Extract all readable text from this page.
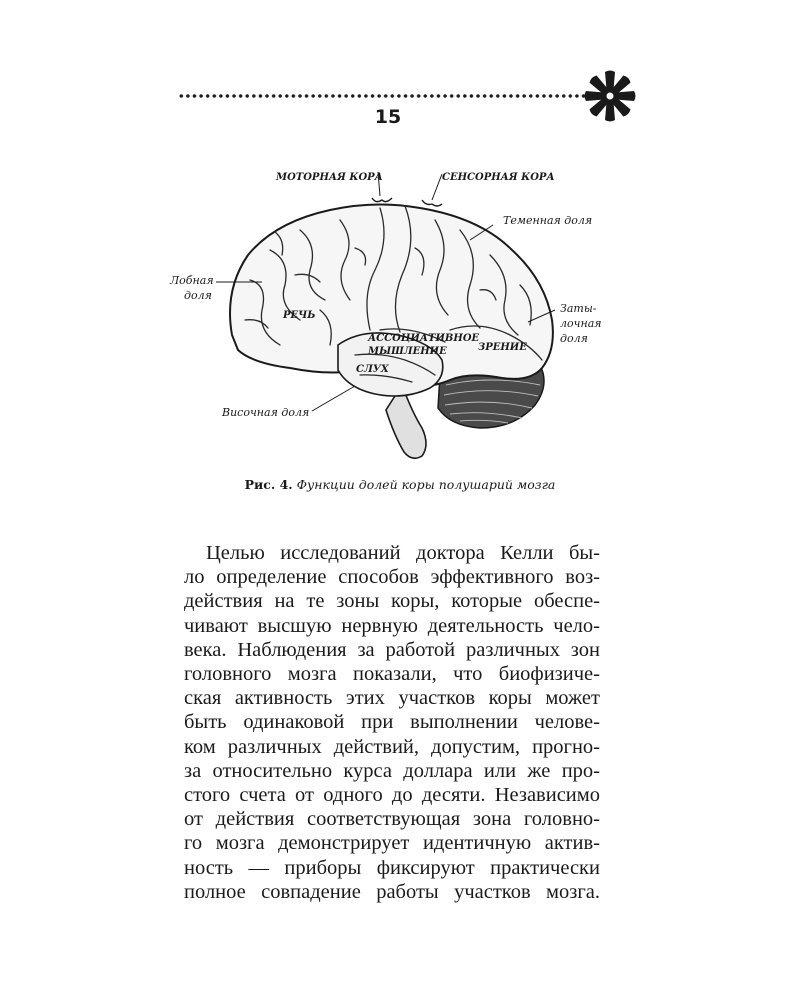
15
МОТОРНАЯ КОРА	СЕНСОРНАЯ КОРА
Теменная доля
Лобная
доля
РЕЧЬ
АССОЦИАТИВНОЕ
МЫШЛЕНИЕ	ЗРЕНИЕ
Заты-
лочная
доля
СЛУХ
Височная доля
Рис. 4. Функции долей коры полушарий мозга
Целью исследований доктора Келли бы-
ло определение способов эффективного воз-
действия на те зоны коры, которые обеспе-
чивают высшую нервную деятельность чело-
века. Наблюдения за работой различных зон
головного мозга показали, что биофизиче-
ская активность этих участков коры может
быть одинаковой при выполнении челове-
ком различных действий, допустим, прогно-
за относительно курса доллара или же про-
стого счета от одного до десяти. Независимо
от действия соответствующая зона головно-
го мозга демонстрирует идентичную актив-
ность — приборы фиксируют практически
полное совпадение работы участков мозга.
